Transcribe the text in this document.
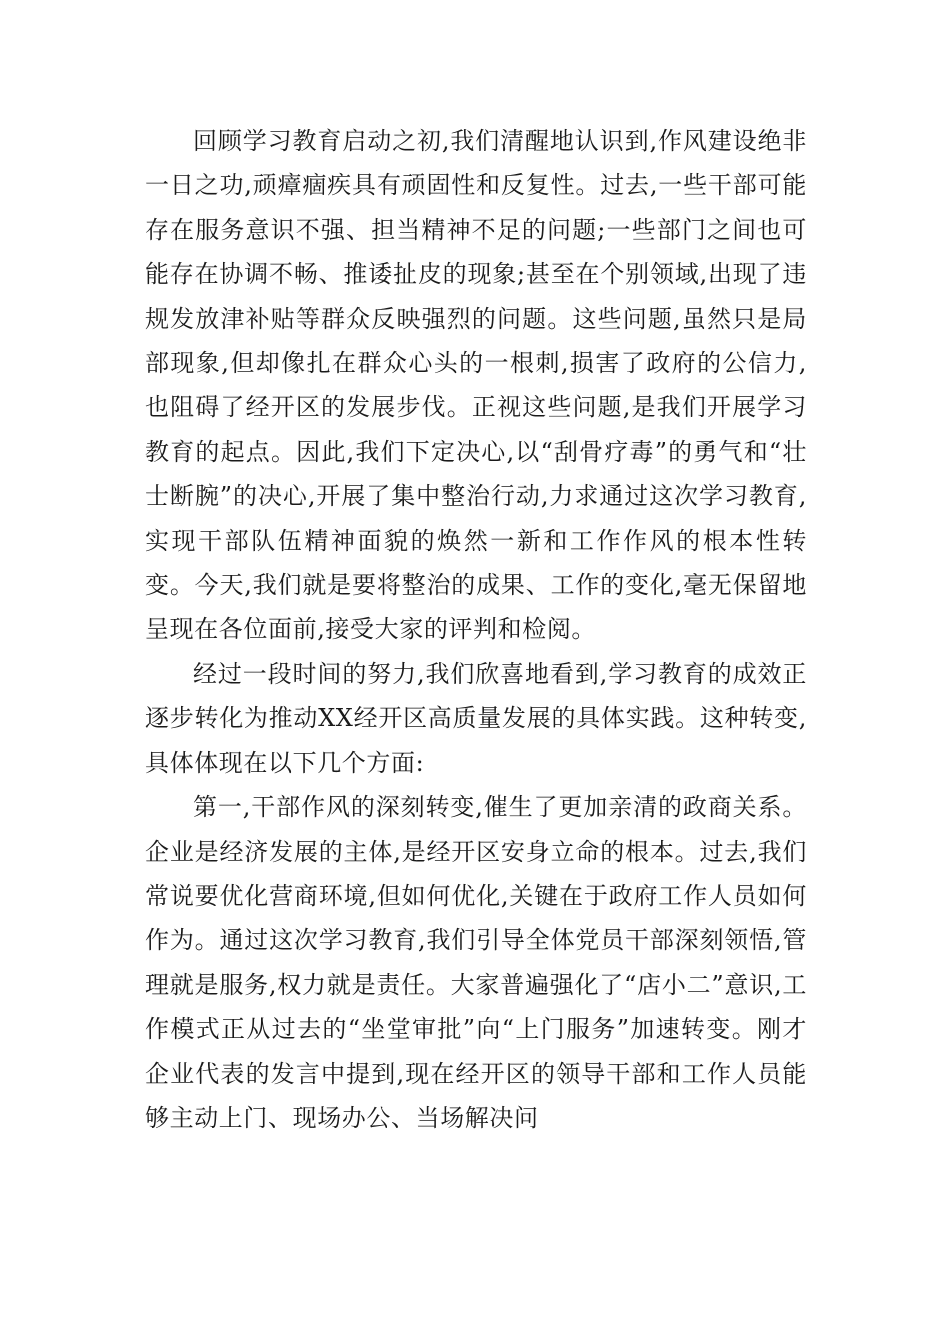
回顾学习教育启动之初,我们清醒地认识到,作风建设绝非一日之功,顽瘴痼疾具有顽固性和反复性。过去,一些干部可能存在服务意识不强、担当精神不足的问题;一些部门之间也可能存在协调不畅、推诿扯皮的现象;甚至在个别领域,出现了违规发放津补贴等群众反映强烈的问题。这些问题,虽然只是局部现象,但却像扎在群众心头的一根刺,损害了政府的公信力,也阻碍了经开区的发展步伐。正视这些问题,是我们开展学习教育的起点。因此,我们下定决心,以“刮骨疗毒”的勇气和“壮士断腕”的决心,开展了集中整治行动,力求通过这次学习教育,实现干部队伍精神面貌的焕然一新和工作作风的根本性转变。今天,我们就是要将整治的成果、工作的变化,毫无保留地呈现在各位面前,接受大家的评判和检阅。

经过一段时间的努力,我们欣喜地看到,学习教育的成效正逐步转化为推动XX经开区高质量发展的具体实践。这种转变,具体体现在以下几个方面:

第一,干部作风的深刻转变,催生了更加亲清的政商关系。企业是经济发展的主体,是经开区安身立命的根本。过去,我们常说要优化营商环境,但如何优化,关键在于政府工作人员如何作为。通过这次学习教育,我们引导全体党员干部深刻领悟,管理就是服务,权力就是责任。大家普遍强化了“店小二”意识,工作模式正从过去的“坐堂审批”向“上门服务”加速转变。刚才企业代表的发言中提到,现在经开区的领导干部和工作人员能够主动上门、现场办公、当场解决问
